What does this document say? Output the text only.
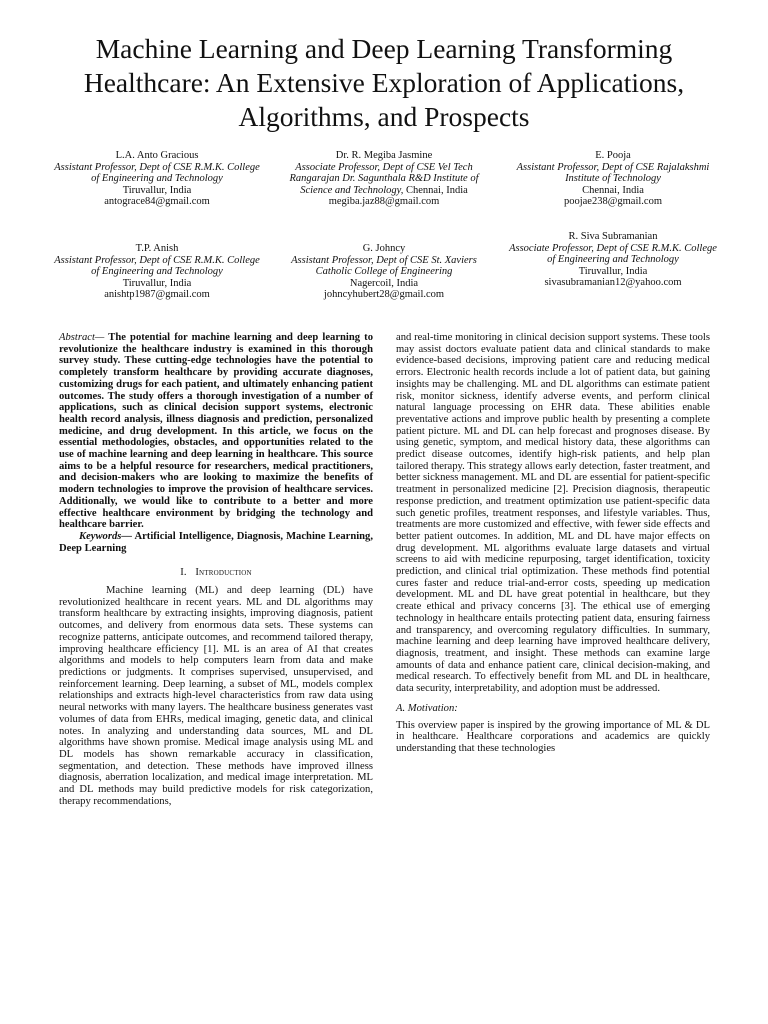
Machine Learning and Deep Learning Transforming Healthcare: An Extensive Exploration of Applications, Algorithms, and Prospects
L.A. Anto Gracious
Assistant Professor, Dept of CSE R.M.K. College of Engineering and Technology
Tiruvallur, India
antograce84@gmail.com
Dr. R. Megiba Jasmine
Associate Professor, Dept of CSE Vel Tech Rangarajan Dr. Sagunthala R&D Institute of Science and Technology, Chennai, India
megiba.jaz88@gmail.com
E. Pooja
Assistant Professor, Dept of CSE Rajalakshmi Institute of Technology
Chennai, India
poojae238@gmail.com
T.P. Anish
Assistant Professor, Dept of CSE R.M.K. College of Engineering and Technology
Tiruvallur, India
anishtp1987@gmail.com
G. Johncy
Assistant Professor, Dept of CSE St. Xaviers Catholic College of Engineering
Nagercoil, India
johncyhubert28@gmail.com
R. Siva Subramanian
Associate Professor, Dept of CSE R.M.K. College of Engineering and Technology
Tiruvallur, India
sivasubramanian12@yahoo.com

Abstract— The potential for machine learning and deep learning to revolutionize the healthcare industry is examined in this thorough survey study. These cutting-edge technologies have the potential to completely transform healthcare by providing accurate diagnoses, customizing drugs for each patient, and ultimately enhancing patient outcomes. The study offers a thorough investigation of a number of applications, such as clinical decision support systems, electronic health record analysis, illness diagnosis and prediction, personalized medicine, and drug development. In this article, we focus on the essential methodologies, obstacles, and opportunities related to the use of machine learning and deep learning in healthcare. This source aims to be a helpful resource for researchers, medical practitioners, and decision-makers who are looking to maximize the benefits of modern technologies to improve the provision of healthcare services. Additionally, we would like to contribute to a better and more effective healthcare environment by bridging the technology and healthcare barrier.

Keywords— Artificial Intelligence, Diagnosis, Machine Learning, Deep Learning

I. Introduction

Machine learning (ML) and deep learning (DL) have revolutionized healthcare in recent years. ML and DL algorithms may transform healthcare by extracting insights, improving diagnosis, patient outcomes, and delivery from enormous data sets. These systems can recognize patterns, anticipate outcomes, and recommend tailored therapy, improving healthcare efficiency [1]. ML is an area of AI that creates algorithms and models to help computers learn from data and make predictions or judgments. It comprises supervised, unsupervised, and reinforcement learning. Deep learning, a subset of ML, models complex relationships and extracts high-level characteristics from raw data using neural networks with many layers. The healthcare business generates vast volumes of data from EHRs, medical imaging, genetic data, and clinical notes. In analyzing and understanding data sources, ML and DL algorithms have shown promise. Medical image analysis using ML and DL models has shown remarkable accuracy in classification, segmentation, and detection. These methods have improved illness diagnosis, aberration localization, and medical image interpretation. ML and DL methods may build predictive models for risk categorization, therapy recommendations,

and real-time monitoring in clinical decision support systems. These tools may assist doctors evaluate patient data and clinical standards to make evidence-based decisions, improving patient care and reducing medical errors. Electronic health records include a lot of patient data, but gaining insights may be challenging. ML and DL algorithms can estimate patient risk, monitor sickness, identify adverse events, and perform clinical natural language processing on EHR data. These abilities enable preventative actions and improve public health by presenting a complete patient picture. ML and DL can help forecast and prognoses disease. By using genetic, symptom, and medical history data, these algorithms can predict disease outcomes, identify high-risk patients, and help plan tailored therapy. This strategy allows early detection, faster treatment, and better sickness management. ML and DL are essential for patient-specific treatment in personalized medicine [2]. Precision diagnosis, therapeutic response prediction, and treatment optimization use patient-specific data such genetic profiles, treatment responses, and lifestyle variables. Thus, treatments are more customized and effective, with fewer side effects and better patient outcomes. In addition, ML and DL have major effects on drug development. ML algorithms evaluate large datasets and virtual screens to aid with medicine repurposing, target identification, toxicity prediction, and clinical trial optimization. These methods find potential cures faster and reduce trial-and-error costs, speeding up medication development. ML and DL have great potential in healthcare, but they create ethical and privacy concerns [3]. The ethical use of emerging technology in healthcare entails protecting patient data, ensuring fairness and transparency, and overcoming regulatory difficulties. In summary, machine learning and deep learning have improved healthcare delivery, diagnosis, treatment, and insight. These methods can examine large amounts of data and enhance patient care, clinical decision-making, and medical research. To effectively benefit from ML and DL in healthcare, data security, interpretability, and adoption must be addressed.

A. Motivation:

This overview paper is inspired by the growing importance of ML & DL in healthcare. Healthcare corporations and academics are quickly understanding that these technologies
